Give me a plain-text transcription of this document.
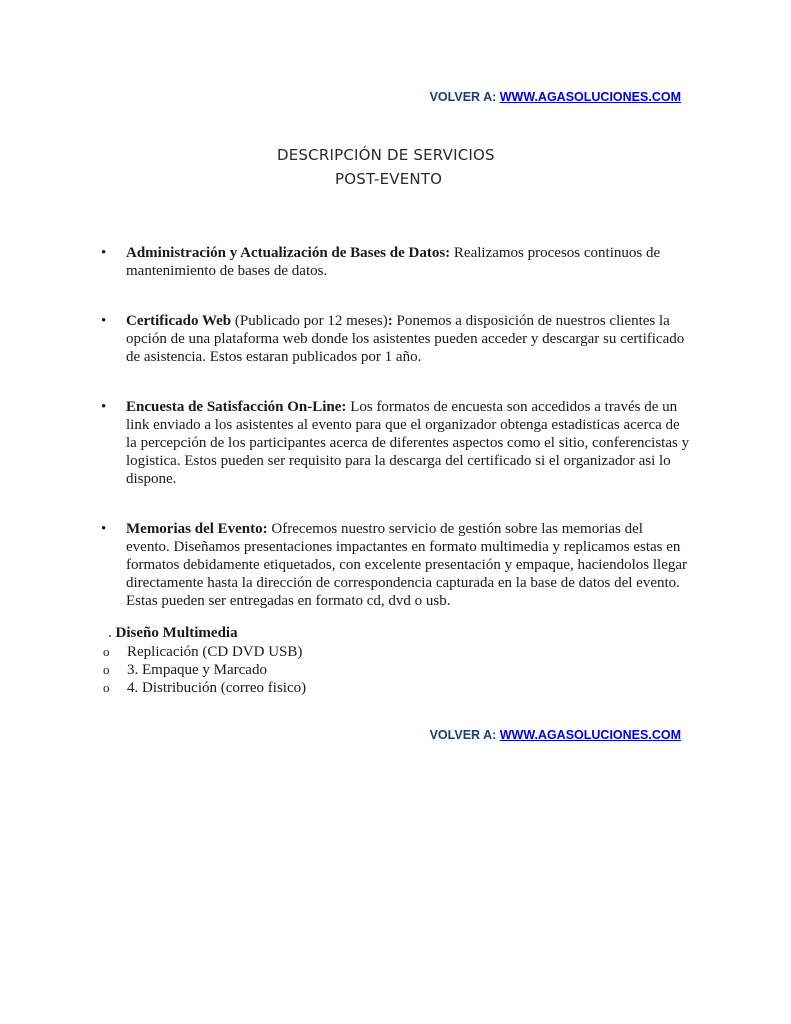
VOLVER A: WWW.AGASOLUCIONES.COM
DESCRIPCIÓN DE SERVICIOS
POST-EVENTO
• Administración y Actualización de Bases de Datos: Realizamos procesos continuos de mantenimiento de bases de datos.
• Certificado Web (Publicado por 12 meses): Ponemos a disposición de nuestros clientes la opción de una plataforma web donde los asistentes pueden acceder y descargar su certificado de asistencia. Estos estaran publicados por 1 año.
• Encuesta de Satisfacción On-Line: Los formatos de encuesta son accedidos a través de un link enviado a los asistentes al evento para que el organizador obtenga estadisticas acerca de la percepción de los participantes acerca de diferentes aspectos como el sitio, conferencistas y logistica. Estos pueden ser requisito para la descarga del certificado si el organizador asi lo dispone.
• Memorias del Evento: Ofrecemos nuestro servicio de gestión sobre las memorias del evento. Diseñamos presentaciones impactantes en formato multimedia y replicamos estas en formatos debidamente etiquetados, con excelente presentación y empaque, haciendolos llegar directamente hasta la dirección de correspondencia capturada en la base de datos del evento. Estas pueden ser entregadas en formato cd, dvd o usb.
. Diseño Multimedia
o Replicación (CD DVD USB)
o 3. Empaque y Marcado
o 4. Distribución (correo fisico)
VOLVER A: WWW.AGASOLUCIONES.COM
